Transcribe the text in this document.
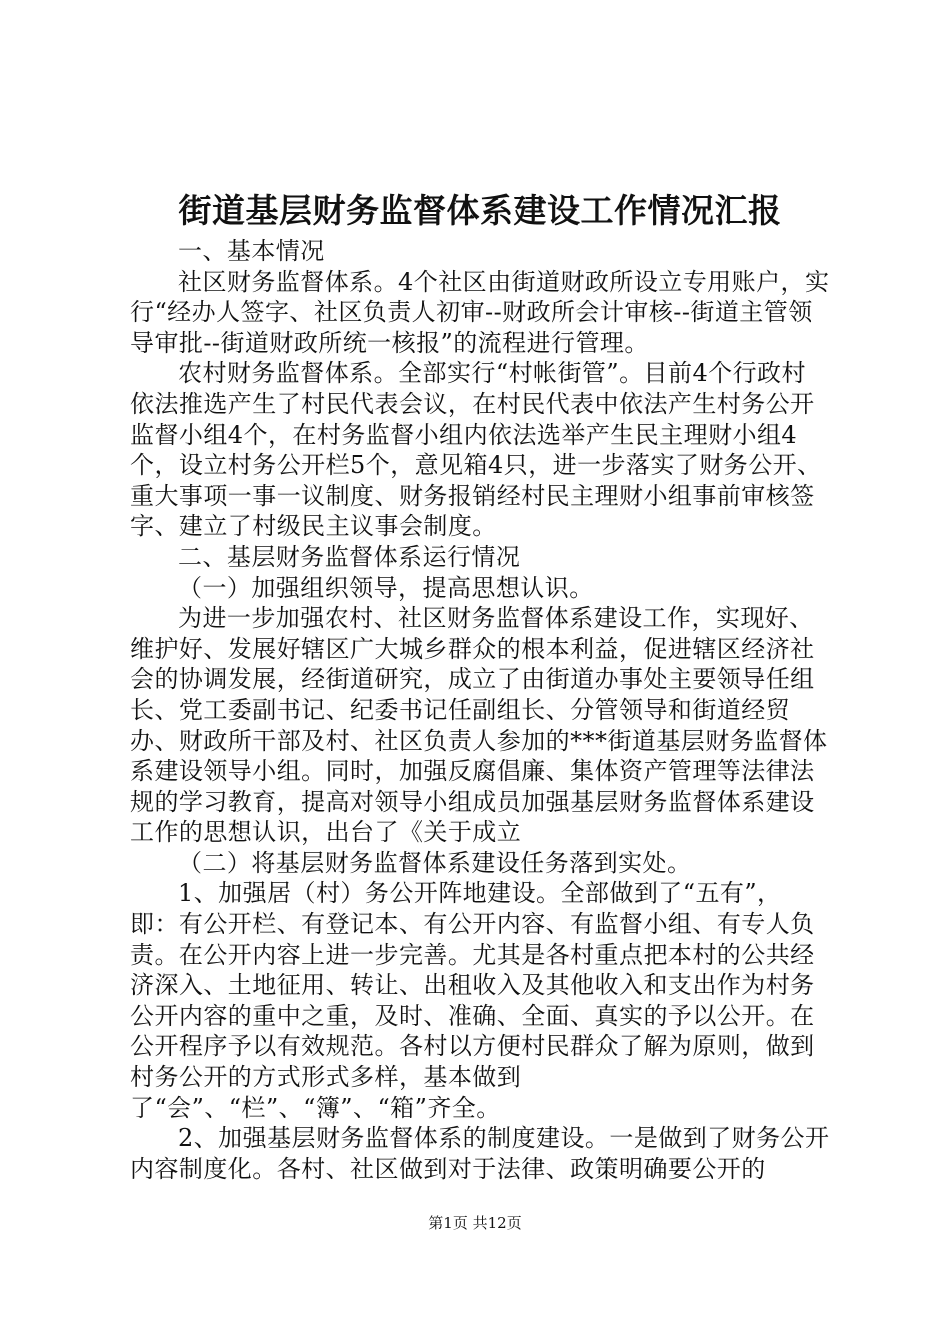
街道基层财务监督体系建设工作情况汇报

一、基本情况

社区财务监督体系。4个社区由街道财政所设立专用账户，实行“经办人签字、社区负责人初审--财政所会计审核--街道主管领导审批--街道财政所统一核报”的流程进行管理。

农村财务监督体系。全部实行“村帐街管”。目前4个行政村依法推选产生了村民代表会议，在村民代表中依法产生村务公开监督小组4个，在村务监督小组内依法选举产生民主理财小组4个，设立村务公开栏5个，意见箱4只，进一步落实了财务公开、重大事项一事一议制度、财务报销经村民主理财小组事前审核签字、建立了村级民主议事会制度。

二、基层财务监督体系运行情况

（一）加强组织领导，提高思想认识。

为进一步加强农村、社区财务监督体系建设工作，实现好、维护好、发展好辖区广大城乡群众的根本利益，促进辖区经济社会的协调发展，经街道研究，成立了由街道办事处主要领导任组长、党工委副书记、纪委书记任副组长、分管领导和街道经贸办、财政所干部及村、社区负责人参加的***街道基层财务监督体系建设领导小组。同时，加强反腐倡廉、集体资产管理等法律法规的学习教育，提高对领导小组成员加强基层财务监督体系建设工作的思想认识，出台了《关于成立

（二）将基层财务监督体系建设任务落到实处。

1、加强居（村）务公开阵地建设。全部做到了“五有”，即：有公开栏、有登记本、有公开内容、有监督小组、有专人负责。在公开内容上进一步完善。尤其是各村重点把本村的公共经济深入、土地征用、转让、出租收入及其他收入和支出作为村务公开内容的重中之重，及时、准确、全面、真实的予以公开。在公开程序予以有效规范。各村以方便村民群众了解为原则，做到村务公开的方式形式多样，基本做到了“会”、“栏”、“簿”、“箱”齐全。

2、加强基层财务监督体系的制度建设。一是做到了财务公开内容制度化。各村、社区做到对于法律、政策明确要公开的

第1页 共12页
